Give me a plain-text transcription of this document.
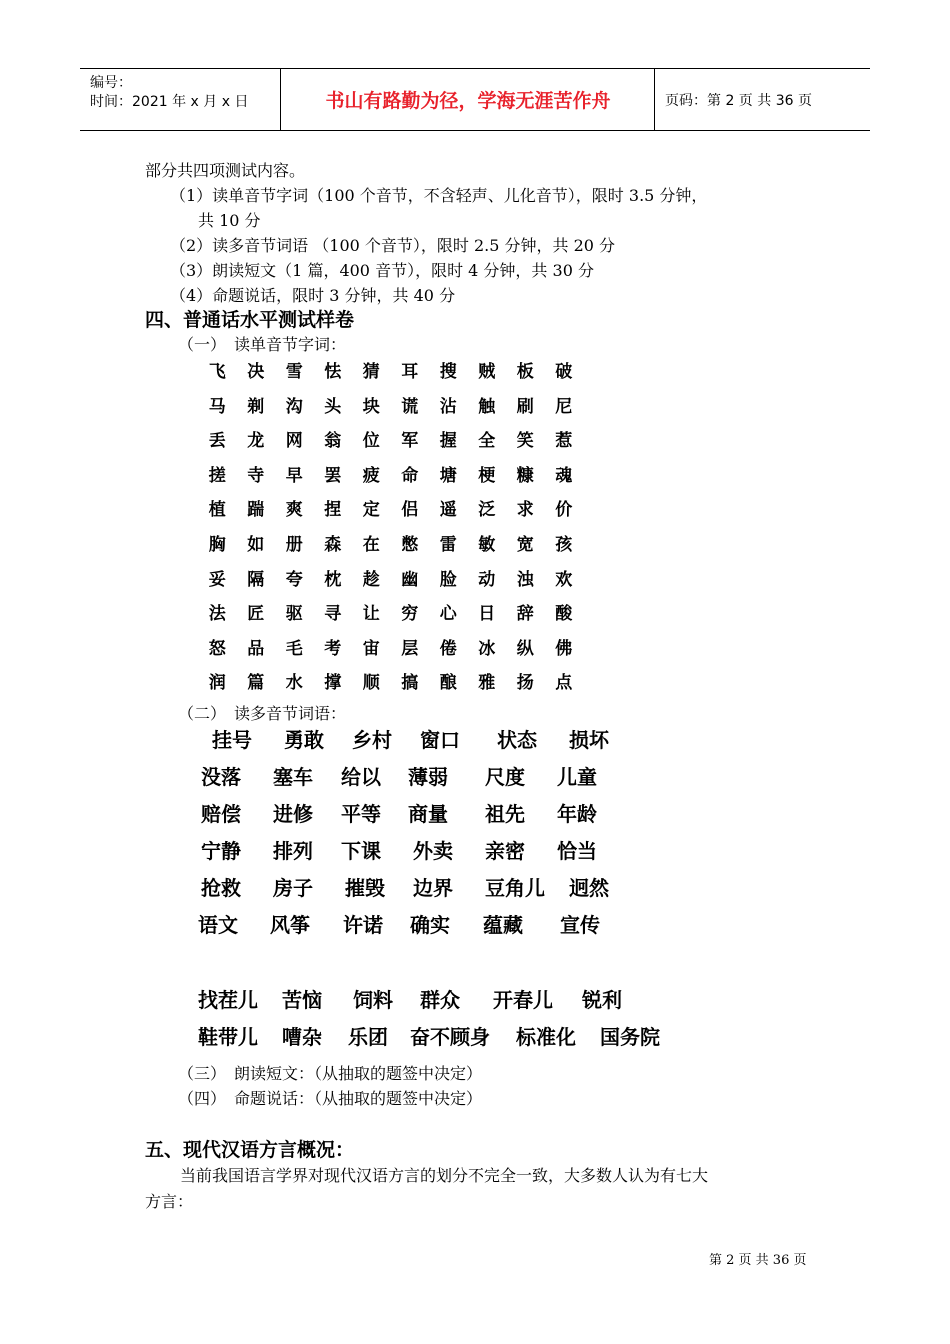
编号：
时间：2021 年 x 月 x 日	书山有路勤为径，学海无涯苦作舟	页码：第 2 页 共 36 页
部分共四项测试内容。
（1）读单音节字词（100 个音节，不含轻声、儿化音节），限时 3.5 分钟，
共 10 分
（2）读多音节词语 （100 个音节），限时 2.5 分钟，共 20 分
（3）朗读短文（1 篇，400 音节），限时 4 分钟，共 30 分
（4）命题说话，限时 3 分钟，共 40 分
四、普通话水平测试样卷
（一）　读单音节字词：
飞	决	雪	怯	猜	耳	搜	贼	板	破
马	剃	沟	头	块	谎	沾	触	刷	尼
丢	龙	网	翁	位	军	握	全	笑	惹
搓	寺	早	罢	疲	命	塘	梗	糠	魂
植	踹	爽	捏	定	侣	遥	泛	求	价
胸	如	册	森	在	憋	雷	敏	宽	孩
妥	隔	夸	枕	趁	幽	脸	动	浊	欢
法	匠	驱	寻	让	穷	心	日	辞	酸
怒	品	毛	考	宙	层	倦	冰	纵	佛
润	篇	水	撑	顺	搞	酿	雅	扬	点
（二）　读多音节词语：
挂号 勇敢 乡村 窗口 状态 损坏
没落 塞车 给以 薄弱 尺度 儿童
赔偿 进修 平等 商量 祖先 年龄
宁静 排列 下课 外卖 亲密 恰当
抢救 房子 摧毁 边界 豆角儿 迥然
语文 风筝 许诺 确实 蕴藏 宣传
找茬儿 苦恼 饲料 群众 开春儿 锐利
鞋带儿 嘈杂 乐团 奋不顾身 标准化 国务院
（三）　朗读短文：（从抽取的题签中决定）
（四）　命题说话：（从抽取的题签中决定）
五、现代汉语方言概况：
当前我国语言学界对现代汉语方言的划分不完全一致，大多数人认为有七大
方言：
第 2 页 共 36 页
